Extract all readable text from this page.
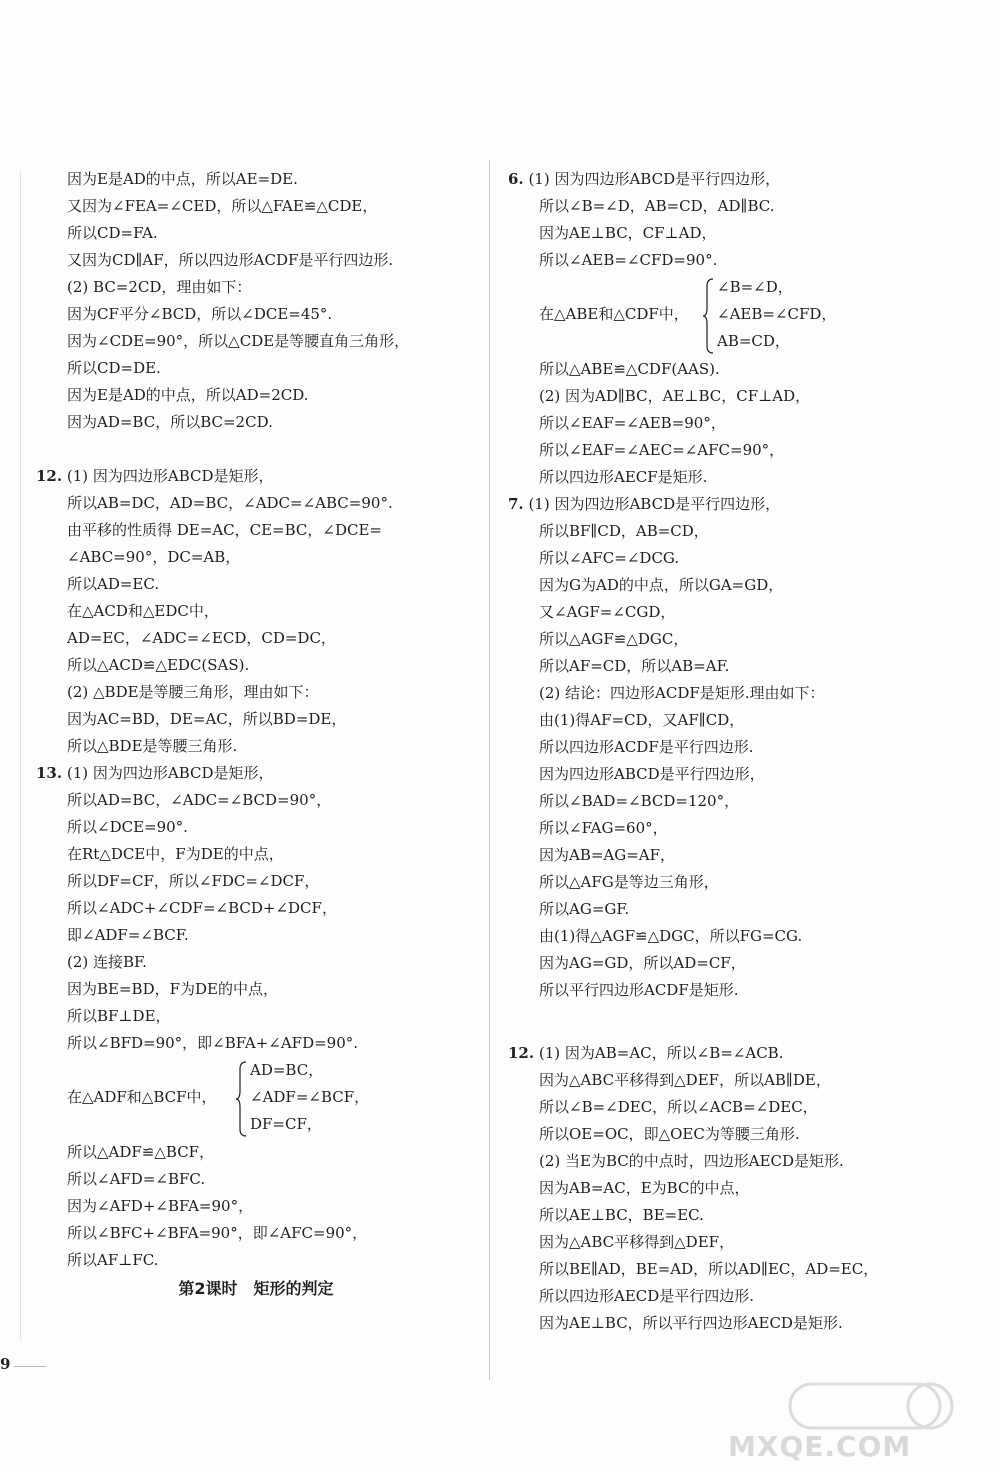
因为E是AD的中点，所以AE=DE.
又因为∠FEA=∠CED，所以△FAE≌△CDE，
所以CD=FA.
又因为CD∥AF，所以四边形ACDF是平行四边形.
(2) BC=2CD，理由如下：
因为CF平分∠BCD，所以∠DCE=45°.
因为∠CDE=90°，所以△CDE是等腰直角三角形，
所以CD=DE.
因为E是AD的中点，所以AD=2CD.
因为AD=BC，所以BC=2CD.

12. (1) 因为四边形ABCD是矩形，
所以AB=DC，AD=BC，∠ADC=∠ABC=90°.
由平移的性质得 DE=AC，CE=BC，∠DCE=
∠ABC=90°，DC=AB，
所以AD=EC.
在△ACD和△EDC中，
AD=EC，∠ADC=∠ECD，CD=DC，
所以△ACD≌△EDC(SAS).
(2) △BDE是等腰三角形，理由如下：
因为AC=BD，DE=AC，所以BD=DE，
所以△BDE是等腰三角形.
13. (1) 因为四边形ABCD是矩形，
所以AD=BC，∠ADC=∠BCD=90°，
所以∠DCE=90°.
在Rt△DCE中，F为DE的中点，
所以DF=CF，所以∠FDC=∠DCF，
所以∠ADC+∠CDF=∠BCD+∠DCF，
即∠ADF=∠BCF.
(2) 连接BF.
因为BE=BD，F为DE的中点，
所以BF⊥DE，
所以∠BFD=90°，即∠BFA+∠AFD=90°.
在△ADF和△BCF中，
AD=BC，
∠ADF=∠BCF，
DF=CF，
所以△ADF≌△BCF，
所以∠AFD=∠BFC.
因为∠AFD+∠BFA=90°，
所以∠BFC+∠BFA=90°，即∠AFC=90°，
所以AF⊥FC.
第2课时　矩形的判定

6. (1) 因为四边形ABCD是平行四边形，
所以∠B=∠D，AB=CD，AD∥BC.
因为AE⊥BC，CF⊥AD，
所以∠AEB=∠CFD=90°.
在△ABE和△CDF中，
∠B=∠D，
∠AEB=∠CFD，
AB=CD，
所以△ABE≌△CDF(AAS).
(2) 因为AD∥BC，AE⊥BC，CF⊥AD，
所以∠EAF=∠AEB=90°，
所以∠EAF=∠AEC=∠AFC=90°，
所以四边形AECF是矩形.
7. (1) 因为四边形ABCD是平行四边形，
所以BF∥CD，AB=CD，
所以∠AFC=∠DCG.
因为G为AD的中点，所以GA=GD，
又∠AGF=∠CGD，
所以△AGF≌△DGC，
所以AF=CD，所以AB=AF.
(2) 结论：四边形ACDF是矩形.理由如下：
由(1)得AF=CD，又AF∥CD，
所以四边形ACDF是平行四边形.
因为四边形ABCD是平行四边形，
所以∠BAD=∠BCD=120°，
所以∠FAG=60°，
因为AB=AG=AF，
所以△AFG是等边三角形，
所以AG=GF.
由(1)得△AGF≌△DGC，所以FG=CG.
因为AG=GD，所以AD=CF，
所以平行四边形ACDF是矩形.

12. (1) 因为AB=AC，所以∠B=∠ACB.
因为△ABC平移得到△DEF，所以AB∥DE，
所以∠B=∠DEC，所以∠ACB=∠DEC，
所以OE=OC，即△OEC为等腰三角形.
(2) 当E为BC的中点时，四边形AECD是矩形.
因为AB=AC，E为BC的中点，
所以AE⊥BC，BE=EC.
因为△ABC平移得到△DEF，
所以BE∥AD，BE=AD，所以AD∥EC，AD=EC，
所以四边形AECD是平行四边形.
因为AE⊥BC，所以平行四边形AECD是矩形.
9
MXQE.COM
